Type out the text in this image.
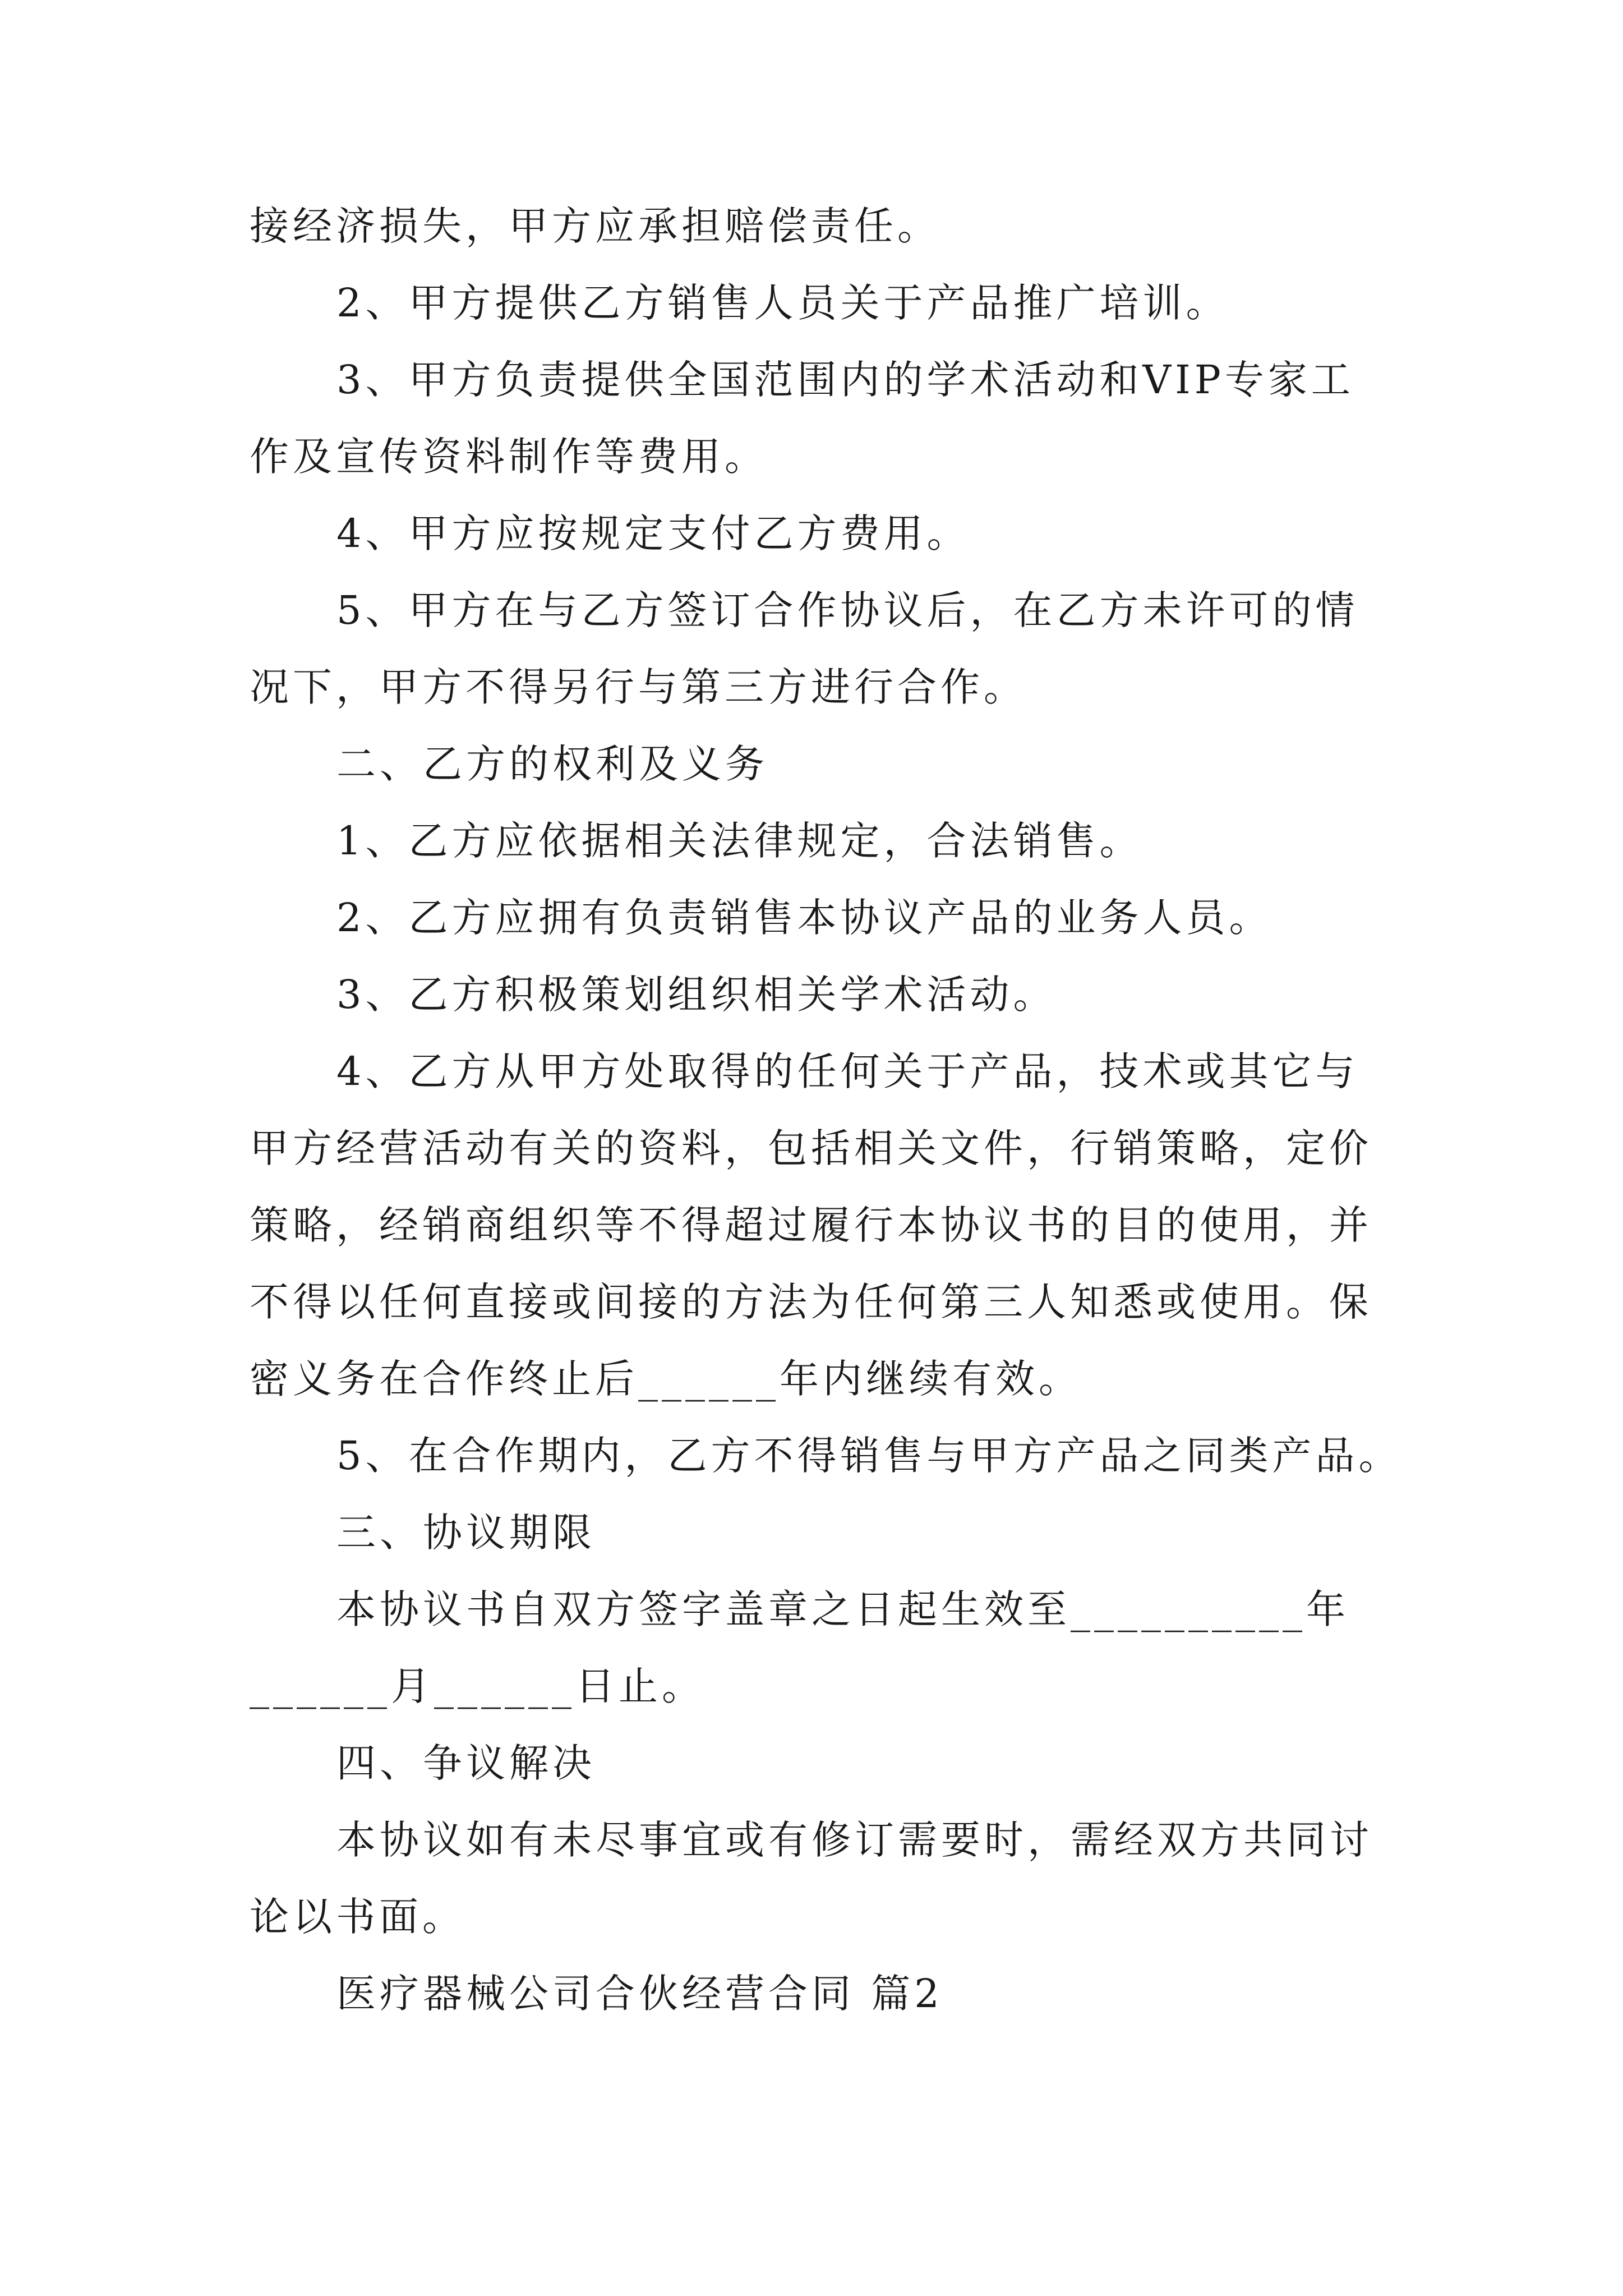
接经济损失，甲方应承担赔偿责任。
2、甲方提供乙方销售人员关于产品推广培训。
3、甲方负责提供全国范围内的学术活动和VIP专家工
作及宣传资料制作等费用。
4、甲方应按规定支付乙方费用。
5、甲方在与乙方签订合作协议后，在乙方未许可的情
况下，甲方不得另行与第三方进行合作。
二、乙方的权利及义务
1、乙方应依据相关法律规定，合法销售。
2、乙方应拥有负责销售本协议产品的业务人员。
3、乙方积极策划组织相关学术活动。
4、乙方从甲方处取得的任何关于产品，技术或其它与
甲方经营活动有关的资料，包括相关文件，行销策略，定价
策略，经销商组织等不得超过履行本协议书的目的使用，并
不得以任何直接或间接的方法为任何第三人知悉或使用。保
密义务在合作终止后______年内继续有效。
5、在合作期内，乙方不得销售与甲方产品之同类产品。
三、协议期限
本协议书自双方签字盖章之日起生效至__________年
______月______日止。
四、争议解决
本协议如有未尽事宜或有修订需要时，需经双方共同讨
论以书面。
医疗器械公司合伙经营合同 篇2
